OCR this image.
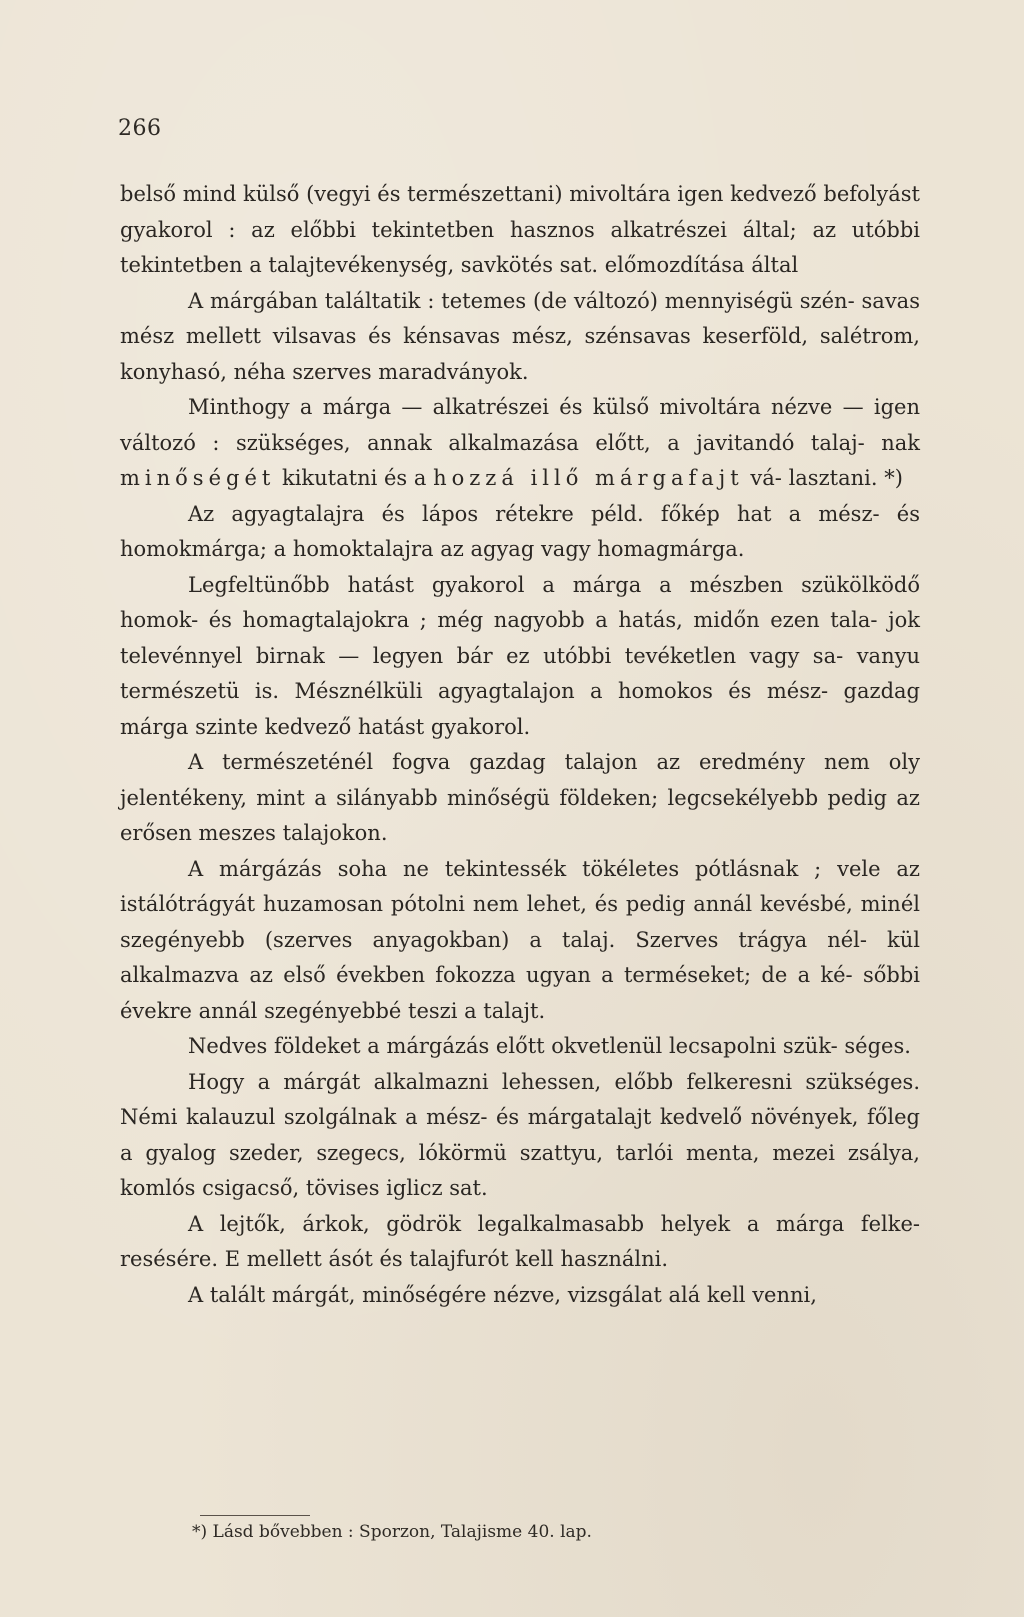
266

belső mind külső (vegyi és természettani) mivoltára igen kedvező befolyást gyakorol : az előbbi tekintetben hasznos alkatrészei által; az utóbbi tekintetben a talajtevékenység, savkötés sat. előmozdítása által

A márgában találtatik : tetemes (de változó) mennyiségü szén- savas mész mellett vilsavas és kénsavas mész, szénsavas keserföld, salétrom, konyhasó, néha szerves maradványok.

Minthogy a márga — alkatrészei és külső mivoltára nézve — igen változó : szükséges, annak alkalmazása előtt, a javitandó talaj- nak minőségét kikutatni és a hozzá illő márgafajt vá- lasztani. *)

Az agyagtalajra és lápos rétekre péld. főkép hat a mész- és homokmárga; a homoktalajra az agyag vagy homagmárga.

Legfeltünőbb hatást gyakorol a márga a mészben szükölködő homok- és homagtalajokra ; még nagyobb a hatás, midőn ezen tala- jok televénnyel birnak — legyen bár ez utóbbi tevéketlen vagy sa- vanyu természetü is. Mésznélküli agyagtalajon a homokos és mész- gazdag márga szinte kedvező hatást gyakorol.

A természeténél fogva gazdag talajon az eredmény nem oly jelentékeny, mint a silányabb minőségü földeken; legcsekélyebb pedig az erősen meszes talajokon.

A márgázás soha ne tekintessék tökéletes pótlásnak ; vele az istálótrágyát huzamosan pótolni nem lehet, és pedig annál kevésbé, minél szegényebb (szerves anyagokban) a talaj. Szerves trágya nél- kül alkalmazva az első években fokozza ugyan a terméseket; de a ké- sőbbi évekre annál szegényebbé teszi a talajt.

Nedves földeket a márgázás előtt okvetlenül lecsapolni szük- séges.

Hogy a márgát alkalmazni lehessen, előbb felkeresni szükséges. Némi kalauzul szolgálnak a mész- és márgatalajt kedvelő növények, főleg a gyalog szeder, szegecs, lókörmü szattyu, tarlói menta, mezei zsálya, komlós csigacső, tövises iglicz sat.

A lejtők, árkok, gödrök legalkalmasabb helyek a márga felke- resésére. E mellett ásót és talajfurót kell használni.

A talált márgát, minőségére nézve, vizsgálat alá kell venni,

*) Lásd bővebben : Sporzon, Talajisme 40. lap.
